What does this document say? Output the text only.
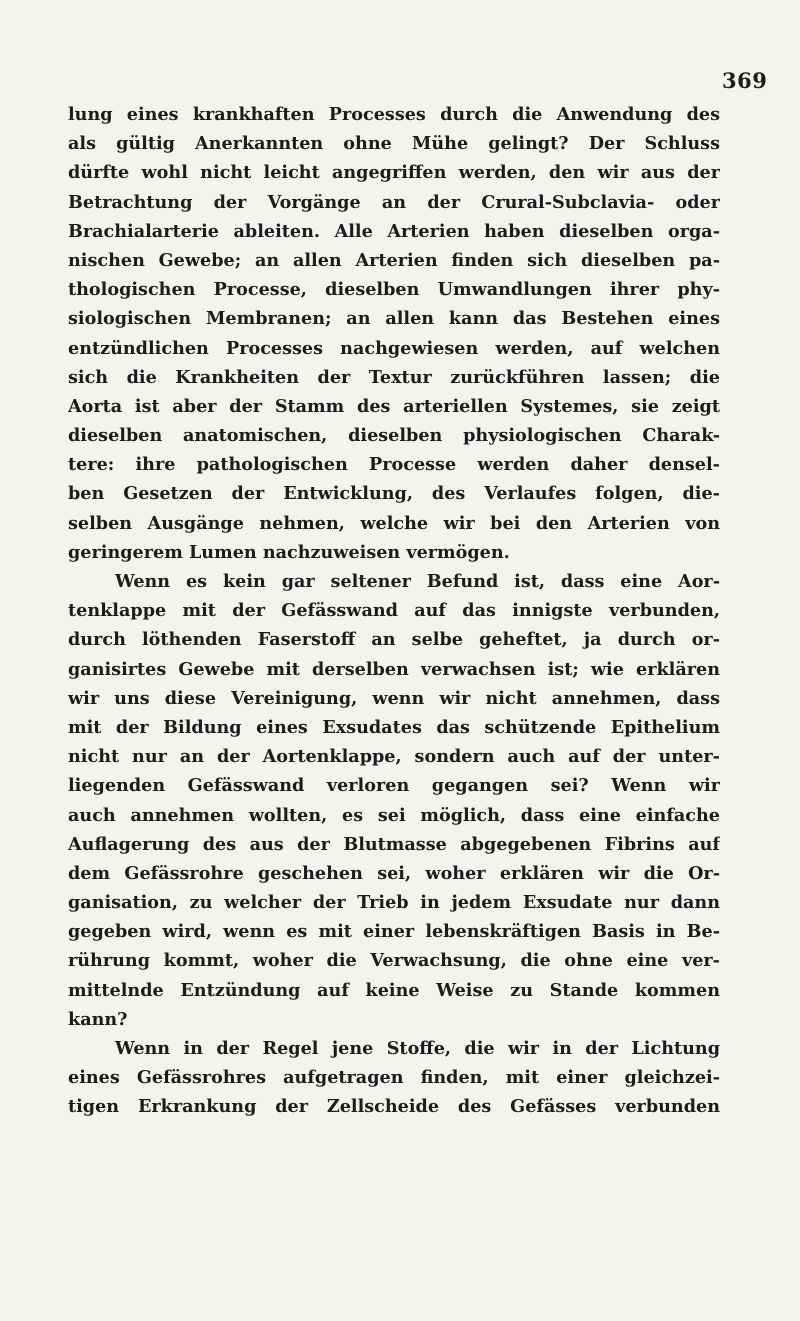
369
lung eines krankhaften Processes durch die Anwendung des
als gültig Anerkannten ohne Mühe gelingt? Der Schluss
dürfte wohl nicht leicht angegriffen werden, den wir aus der
Betrachtung der Vorgänge an der Crural-Subclavia- oder
Brachialarterie ableiten. Alle Arterien haben dieselben orga-
nischen Gewebe; an allen Arterien finden sich dieselben pa-
thologischen Processe, dieselben Umwandlungen ihrer phy-
siologischen Membranen; an allen kann das Bestehen eines
entzündlichen Processes nachgewiesen werden, auf welchen
sich die Krankheiten der Textur zurückführen lassen; die
Aorta ist aber der Stamm des arteriellen Systemes, sie zeigt
dieselben anatomischen, dieselben physiologischen Charak-
tere: ihre pathologischen Processe werden daher densel-
ben Gesetzen der Entwicklung, des Verlaufes folgen, die-
selben Ausgänge nehmen, welche wir bei den Arterien von
geringerem Lumen nachzuweisen vermögen.
Wenn es kein gar seltener Befund ist, dass eine Aor-
tenklappe mit der Gefässwand auf das innigste verbunden,
durch löthenden Faserstoff an selbe geheftet, ja durch or-
ganisirtes Gewebe mit derselben verwachsen ist; wie erklären
wir uns diese Vereinigung, wenn wir nicht annehmen, dass
mit der Bildung eines Exsudates das schützende Epithelium
nicht nur an der Aortenklappe, sondern auch auf der unter-
liegenden Gefässwand verloren gegangen sei? Wenn wir
auch annehmen wollten, es sei möglich, dass eine einfache
Auflagerung des aus der Blutmasse abgegebenen Fibrins auf
dem Gefässrohre geschehen sei, woher erklären wir die Or-
ganisation, zu welcher der Trieb in jedem Exsudate nur dann
gegeben wird, wenn es mit einer lebenskräftigen Basis in Be-
rührung kommt, woher die Verwachsung, die ohne eine ver-
mittelnde Entzündung auf keine Weise zu Stande kommen
kann?
Wenn in der Regel jene Stoffe, die wir in der Lichtung
eines Gefässrohres aufgetragen finden, mit einer gleichzei-
tigen Erkrankung der Zellscheide des Gefässes verbunden
